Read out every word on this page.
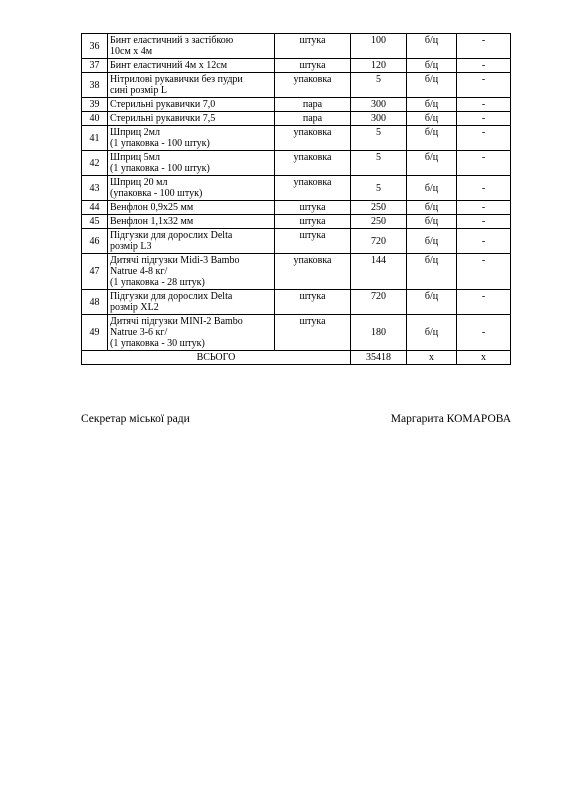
36	Бинт еластичний з застібкою
10см х 4м	штука	100	б/ц	-
37	Бинт еластичний 4м х 12см	штука	120	б/ц	-
38	Нітрилові рукавички без пудри
сині розмір L	упаковка	5	б/ц	-
39	Стерильні рукавички 7,0	пара	300	б/ц	-
40	Стерильні рукавички 7,5	пара	300	б/ц	-
41	Шприц 2мл
(1 упаковка - 100 штук)	упаковка	5	б/ц	-
42	Шприц 5мл
(1 упаковка - 100 штук)	упаковка	5	б/ц	-
43	Шприц 20 мл
(упаковка - 100 штук)	упаковка	5	б/ц	-
44	Венфлон 0,9х25 мм	штука	250	б/ц	-
45	Венфлон 1,1х32 мм	штука	250	б/ц	-
46	Підгузки для дорослих Delta
розмір L3	штука	720	б/ц	-
47	Дитячі підгузки Midi-3 Bambo
Natrue 4-8 кг/
(1 упаковка - 28 штук)	упаковка	144	б/ц	-
48	Підгузки для дорослих Delta
розмір XL2	штука	720	б/ц	-
49	Дитячі підгузки MINI-2 Bambo
Natrue 3-6 кг/
(1 упаковка - 30 штук)	штука	180	б/ц	-
ВСЬОГО			35418	х	х
Секретар міської ради	Маргарита КОМАРОВА
